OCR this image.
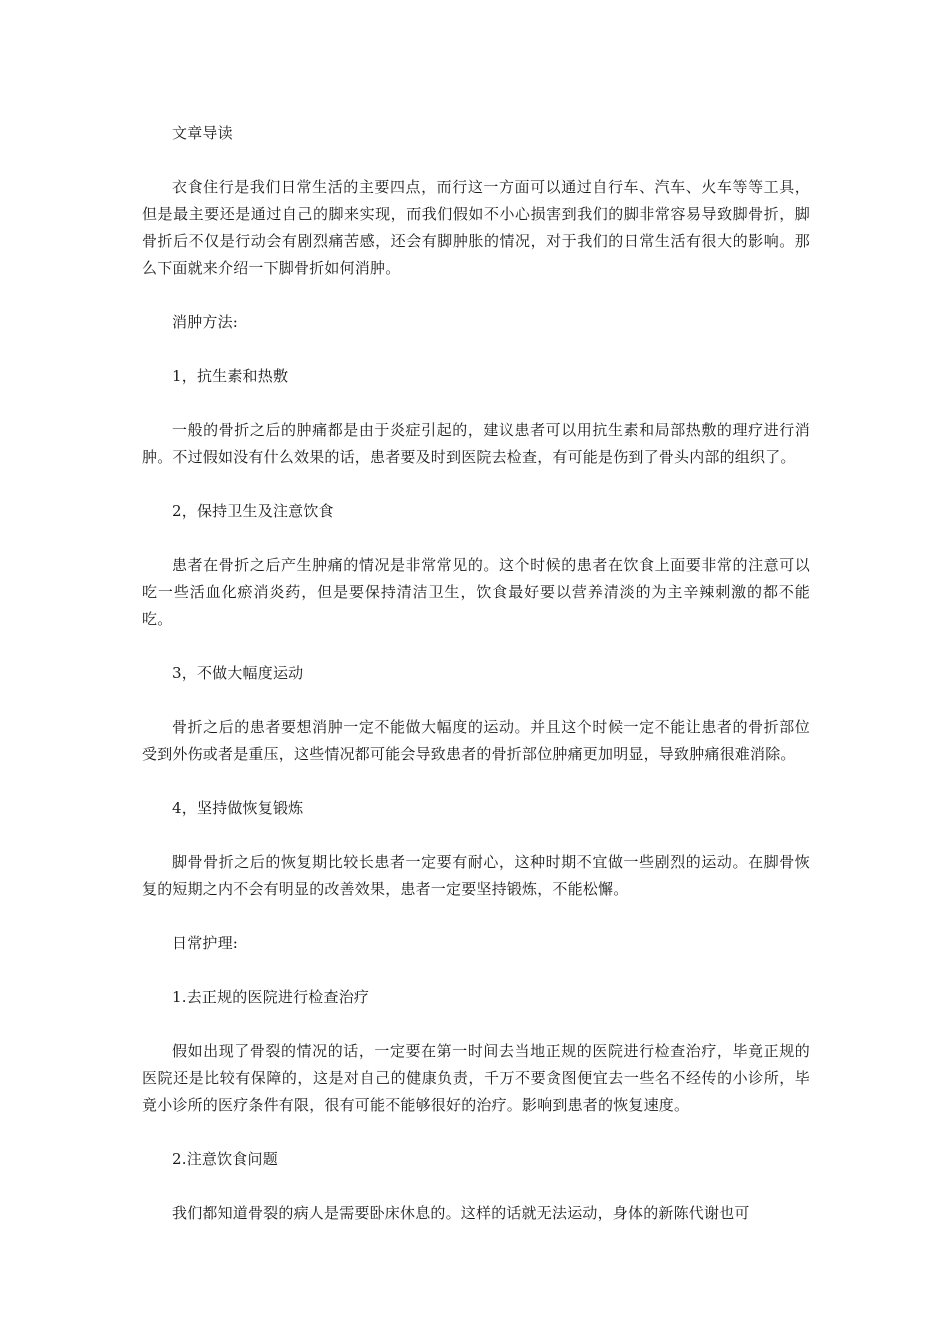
文章导读

衣食住行是我们日常生活的主要四点，而行这一方面可以通过自行车、汽车、火车等等工具，但是最主要还是通过自己的脚来实现，而我们假如不小心损害到我们的脚非常容易导致脚骨折，脚骨折后不仅是行动会有剧烈痛苦感，还会有脚肿胀的情况，对于我们的日常生活有很大的影响。那么下面就来介绍一下脚骨折如何消肿。

消肿方法:

1，抗生素和热敷

一般的骨折之后的肿痛都是由于炎症引起的，建议患者可以用抗生素和局部热敷的理疗进行消肿。不过假如没有什么效果的话，患者要及时到医院去检查，有可能是伤到了骨头内部的组织了。

2，保持卫生及注意饮食

患者在骨折之后产生肿痛的情况是非常常见的。这个时候的患者在饮食上面要非常的注意可以吃一些活血化瘀消炎药，但是要保持清洁卫生，饮食最好要以营养清淡的为主辛辣刺激的都不能吃。

3，不做大幅度运动

骨折之后的患者要想消肿一定不能做大幅度的运动。并且这个时候一定不能让患者的骨折部位受到外伤或者是重压，这些情况都可能会导致患者的骨折部位肿痛更加明显，导致肿痛很难消除。

4，坚持做恢复锻炼

脚骨骨折之后的恢复期比较长患者一定要有耐心，这种时期不宜做一些剧烈的运动。在脚骨恢复的短期之内不会有明显的改善效果，患者一定要坚持锻炼，不能松懈。

日常护理:

1.去正规的医院进行检查治疗

假如出现了骨裂的情况的话，一定要在第一时间去当地正规的医院进行检查治疗，毕竟正规的医院还是比较有保障的，这是对自己的健康负责，千万不要贪图便宜去一些名不经传的小诊所，毕竟小诊所的医疗条件有限，很有可能不能够很好的治疗。影响到患者的恢复速度。

2.注意饮食问题

我们都知道骨裂的病人是需要卧床休息的。这样的话就无法运动，身体的新陈代谢也可
